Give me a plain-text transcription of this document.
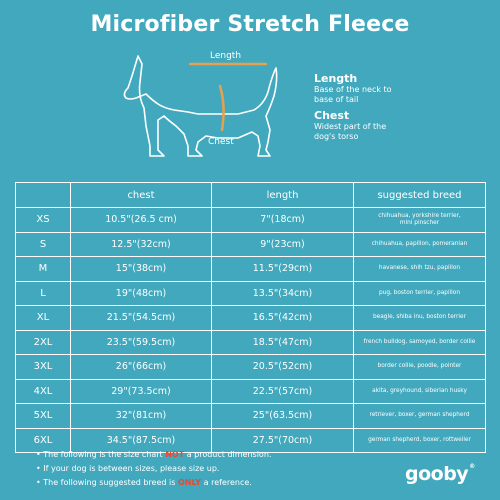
Microfiber Stretch Fleece
Length
Chest
Length
Base of the neck to
base of tail
Chest
Widest part of the
dog's torso
	chest	length	suggested breed
XS	10.5"(26.5 cm)	7"(18cm)	chihuahua, yorkshire terrier,
mini pinscher

S	12.5"(32cm)	9"(23cm)	chihuahua, papillon, pomeranian
M	15"(38cm)	11.5"(29cm)	havanese, shih tzu, papillon
L	19"(48cm)	13.5"(34cm)	pug, boston terrier, papillon
XL	21.5"(54.5cm)	16.5"(42cm)	beagle, shiba inu, boston terrier
2XL	23.5"(59.5cm)	18.5"(47cm)	french bulldog, samoyed, border collie
3XL	26"(66cm)	20.5"(52cm)	border collie, poodle, pointer
4XL	29"(73.5cm)	22.5"(57cm)	akita, greyhound, siberian husky
5XL	32"(81cm)	25"(63.5cm)	retriever, boxer, german shepherd
6XL	34.5"(87.5cm)	27.5"(70cm)	german shepherd, boxer, rottweiler
• The following is the size chart NOT a product dimension.
• If your dog is between sizes, please size up.
• The following suggested breed is ONLY a reference.	gooby®
